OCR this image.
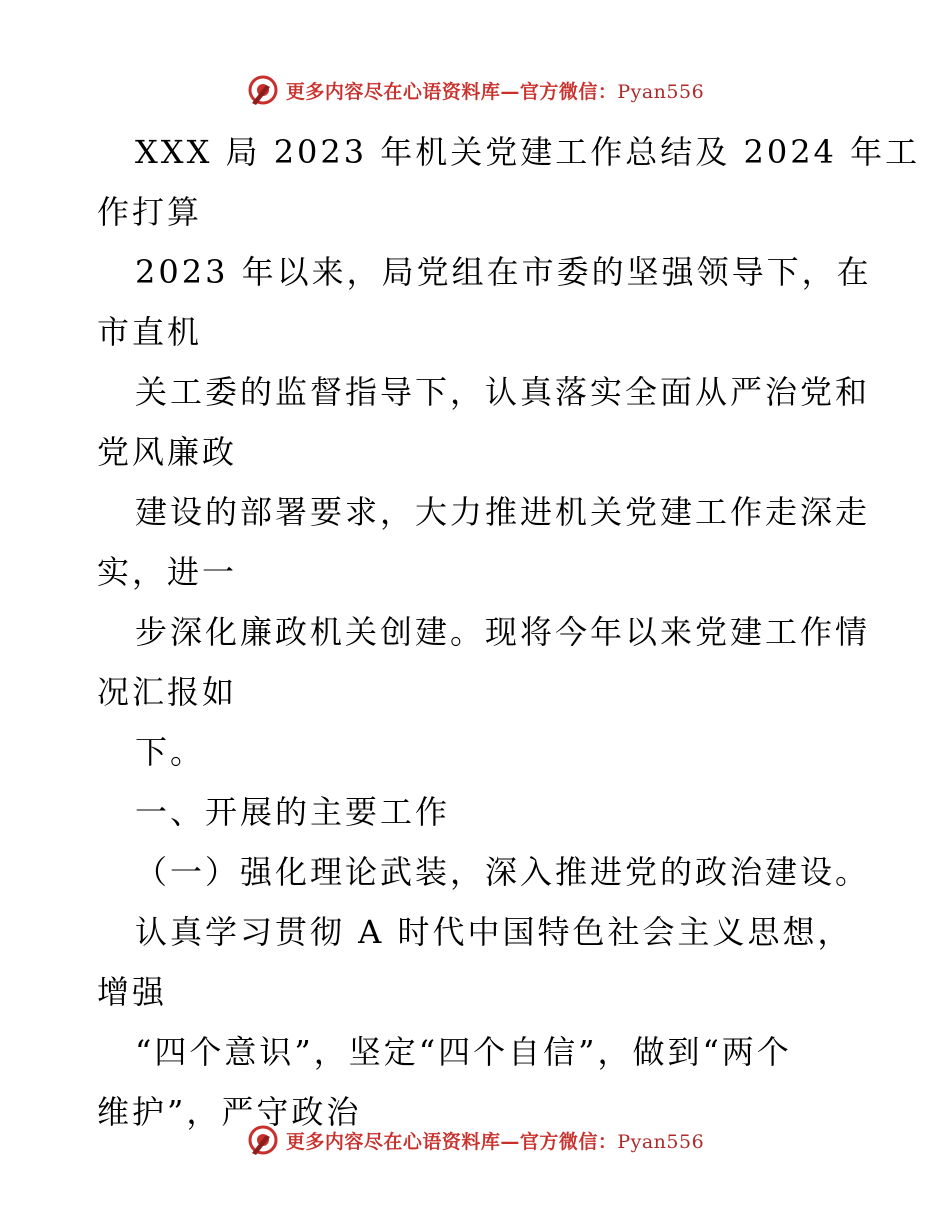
更多内容尽在心语资料库—官方微信：Pyan556
XXX 局 2023 年机关党建工作总结及 2024 年工
作打算
2023 年以来，局党组在市委的坚强领导下，在
市直机
关工委的监督指导下，认真落实全面从严治党和
党风廉政
建设的部署要求，大力推进机关党建工作走深走
实，进一
步深化廉政机关创建。现将今年以来党建工作情
况汇报如
下。
一、开展的主要工作
（一）强化理论武装，深入推进党的政治建设。
认真学习贯彻 A 时代中国特色社会主义思想，
增强
“四个意识”，坚定“四个自信”，做到“两个
维护”，严守政治
更多内容尽在心语资料库—官方微信：Pyan556
